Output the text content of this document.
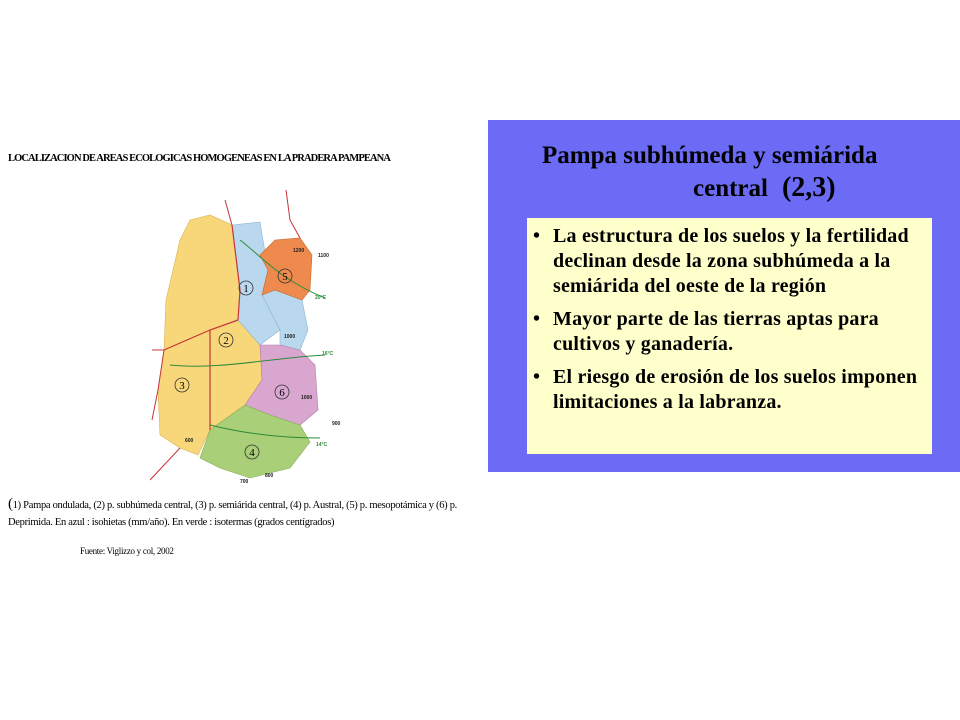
LOCALIZACION DE AREAS ECOLOGICAS HOMOGENEAS EN LA PRADERA PAMPEANA
1
2
3
4
5
6
1200
1100
1000
1000
600
700
800
900
20°C
16°C
14°C
(1) Pampa ondulada, (2) p. subhúmeda central, (3) p. semiárida central, (4) p. Austral, (5) p. mesopotámica y (6) p. Deprimida. En azul : isohietas (mm/año). En verde : isotermas (grados centígrados)
Fuente: Viglizzo y col, 2002
Pampa subhúmeda y semiárida
central (2,3)
• La estructura de los suelos y la fertilidad declinan desde la zona subhúmeda a la semiárida del oeste de la región
• Mayor parte de las tierras aptas para cultivos y ganadería.
• El riesgo de erosión de los suelos imponen limitaciones a la labranza.
